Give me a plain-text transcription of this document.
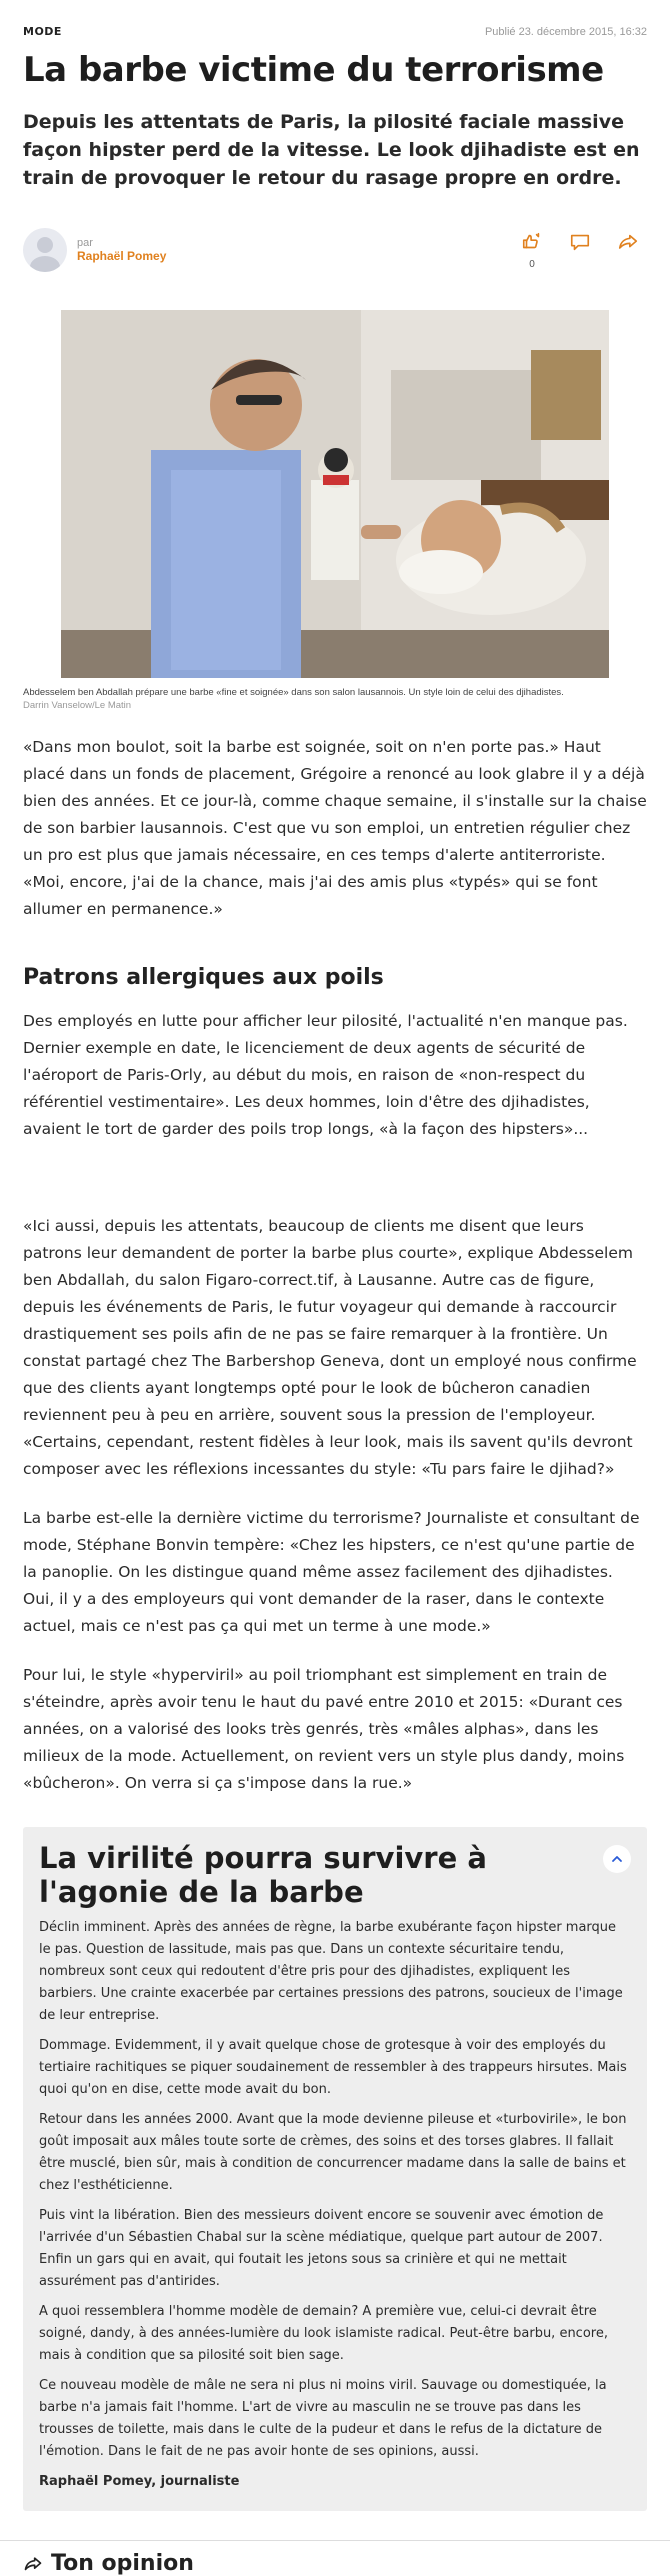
MODE	Publié 23. décembre 2015, 16:32
La barbe victime du terrorisme

Depuis les attentats de Paris, la pilosité faciale massive façon hipster perd de la vitesse. Le look djihadiste est en train de provoquer le retour du rasage propre en ordre.

par
Raphaël Pomey
0
Abdesselem ben Abdallah prépare une barbe «fine et soignée» dans son salon lausannois. Un style loin de celui des djihadistes.
Darrin Vanselow/Le Matin

«Dans mon boulot, soit la barbe est soignée, soit on n'en porte pas.» Haut placé dans un fonds de placement, Grégoire a renoncé au look glabre il y a déjà bien des années. Et ce jour-là, comme chaque semaine, il s'installe sur la chaise de son barbier lausannois. C'est que vu son emploi, un entretien régulier chez un pro est plus que jamais nécessaire, en ces temps d'alerte antiterroriste. «Moi, encore, j'ai de la chance, mais j'ai des amis plus «typés» qui se font allumer en permanence.»

Patrons allergiques aux poils

Des employés en lutte pour afficher leur pilosité, l'actualité n'en manque pas. Dernier exemple en date, le licenciement de deux agents de sécurité de l'aéroport de Paris-Orly, au début du mois, en raison de «non-respect du référentiel vestimentaire». Les deux hommes, loin d'être des djihadistes, avaient le tort de garder des poils trop longs, «à la façon des hipsters»...

«Ici aussi, depuis les attentats, beaucoup de clients me disent que leurs patrons leur demandent de porter la barbe plus courte», explique Abdesselem ben Abdallah, du salon Figaro-correct.tif, à Lausanne. Autre cas de figure, depuis les événements de Paris, le futur voyageur qui demande à raccourcir drastiquement ses poils afin de ne pas se faire remarquer à la frontière. Un constat partagé chez The Barbershop Geneva, dont un employé nous confirme que des clients ayant longtemps opté pour le look de bûcheron canadien reviennent peu à peu en arrière, souvent sous la pression de l'employeur. «Certains, cependant, restent fidèles à leur look, mais ils savent qu'ils devront composer avec les réflexions incessantes du style: «Tu pars faire le djihad?»

La barbe est-elle la dernière victime du terrorisme? Journaliste et consultant de mode, Stéphane Bonvin tempère: «Chez les hipsters, ce n'est qu'une partie de la panoplie. On les distingue quand même assez facilement des djihadistes. Oui, il y a des employeurs qui vont demander de la raser, dans le contexte actuel, mais ce n'est pas ça qui met un terme à une mode.»

Pour lui, le style «hyperviril» au poil triomphant est simplement en train de s'éteindre, après avoir tenu le haut du pavé entre 2010 et 2015: «Durant ces années, on a valorisé des looks très genrés, très «mâles alphas», dans les milieux de la mode. Actuellement, on revient vers un style plus dandy, moins «bûcheron». On verra si ça s'impose dans la rue.»

La virilité pourra survivre à l'agonie de la barbe

Déclin imminent. Après des années de règne, la barbe exubérante façon hipster marque le pas. Question de lassitude, mais pas que. Dans un contexte sécuritaire tendu, nombreux sont ceux qui redoutent d'être pris pour des djihadistes, expliquent les barbiers. Une crainte exacerbée par certaines pressions des patrons, soucieux de l'image de leur entreprise.

Dommage. Evidemment, il y avait quelque chose de grotesque à voir des employés du tertiaire rachitiques se piquer soudainement de ressembler à des trappeurs hirsutes. Mais quoi qu'on en dise, cette mode avait du bon.

Retour dans les années 2000. Avant que la mode devienne pileuse et «turbovirile», le bon goût imposait aux mâles toute sorte de crèmes, des soins et des torses glabres. Il fallait être musclé, bien sûr, mais à condition de concurrencer madame dans la salle de bains et chez l'esthéticienne.

Puis vint la libération. Bien des messieurs doivent encore se souvenir avec émotion de l'arrivée d'un Sébastien Chabal sur la scène médiatique, quelque part autour de 2007. Enfin un gars qui en avait, qui foutait les jetons sous sa crinière et qui ne mettait assurément pas d'antirides.

A quoi ressemblera l'homme modèle de demain? A première vue, celui-ci devrait être soigné, dandy, à des années-lumière du look islamiste radical. Peut-être barbu, encore, mais à condition que sa pilosité soit bien sage.

Ce nouveau modèle de mâle ne sera ni plus ni moins viril. Sauvage ou domestiquée, la barbe n'a jamais fait l'homme. L'art de vivre au masculin ne se trouve pas dans les trousses de toilette, mais dans le culte de la pudeur et dans le refus de la dictature de l'émotion. Dans le fait de ne pas avoir honte de ses opinions, aussi.

Raphaël Pomey, journaliste

Ton opinion
